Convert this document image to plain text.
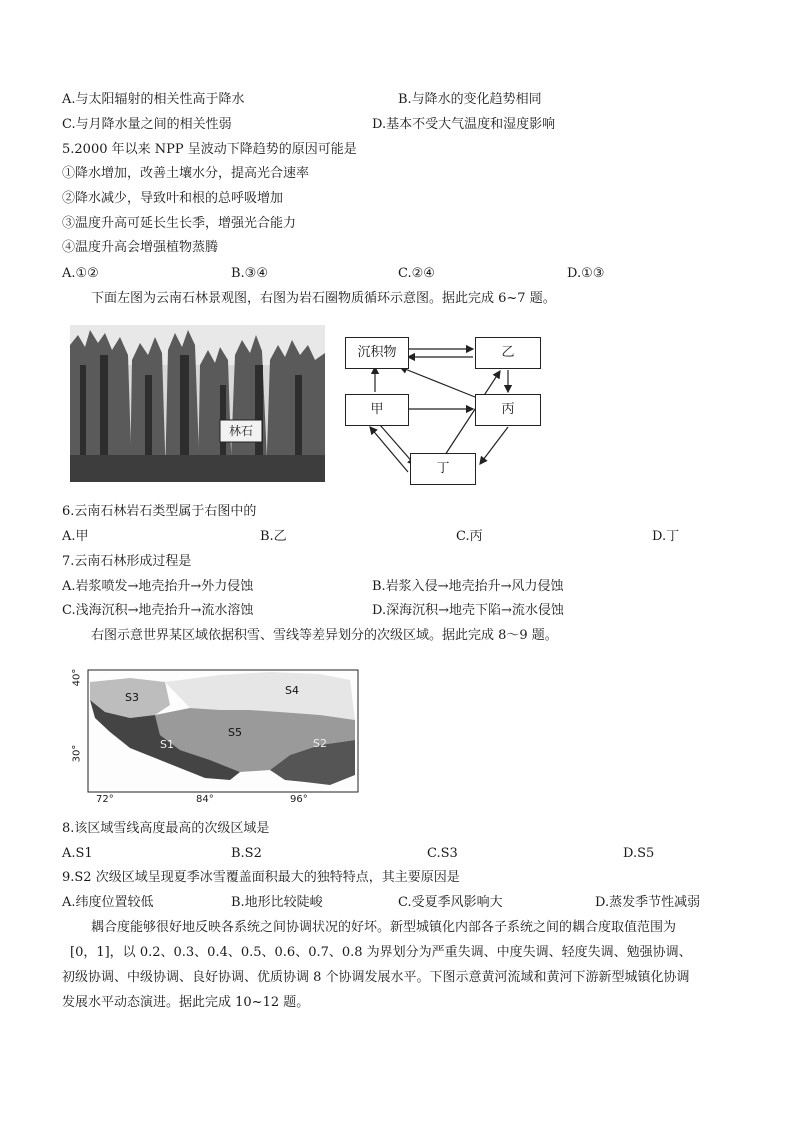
A.与太阳辐射的相关性高于降水	B.与降水的变化趋势相同
C.与月降水量之间的相关性弱	D.基本不受大气温度和湿度影响
5.2000 年以来 NPP 呈波动下降趋势的原因可能是
①降水增加，改善土壤水分，提高光合速率
②降水减少，导致叶和根的总呼吸增加
③温度升高可延长生长季，增强光合能力
④温度升高会增强植物蒸腾
A.①②	B.③④	C.②④	D.①③
下面左图为云南石林景观图，右图为岩石圈物质循环示意图。据此完成 6~7 题。
林石
沉积物	乙
甲	丙
丁
6.云南石林岩石类型属于右图中的
A.甲	B.乙	C.丙	D.丁
7.云南石林形成过程是
A.岩浆喷发→地壳抬升→外力侵蚀	B.岩浆入侵→地壳抬升→风力侵蚀
C.浅海沉积→地壳抬升→流水溶蚀	D.深海沉积→地壳下陷→流水侵蚀
右图示意世界某区域依据积雪、雪线等差异划分的次级区域。据此完成 8～9 题。
S3
S4
S5
S1	S2
40°
30°
72°	84°	96°
8.该区域雪线高度最高的次级区域是
A.S1	B.S2	C.S3	D.S5
9.S2 次级区域呈现夏季冰雪覆盖面积最大的独特特点，其主要原因是
A.纬度位置较低	B.地形比较陡峻	C.受夏季风影响大	D.蒸发季节性减弱
耦合度能够很好地反映各系统之间协调状况的好坏。新型城镇化内部各子系统之间的耦合度取值范围为
[0，1]，以 0.2、0.3、0.4、0.5、0.6、0.7、0.8 为界划分为严重失调、中度失调、轻度失调、勉强协调、
初级协调、中级协调、良好协调、优质协调 8 个协调发展水平。下图示意黄河流域和黄河下游新型城镇化协调
发展水平动态演进。据此完成 10~12 题。
